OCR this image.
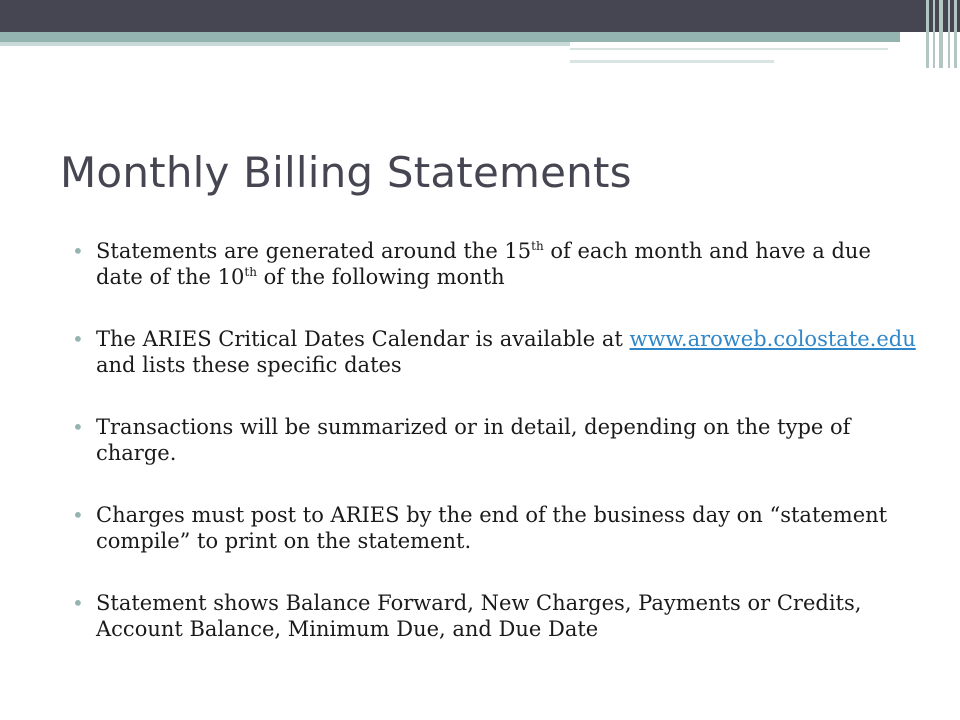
Monthly Billing Statements
• Statements are generated around the 15th of each month and have a due date of the 10th of the following month
• The ARIES Critical Dates Calendar is available at www.aroweb.colostate.edu and lists these specific dates
• Transactions will be summarized or in detail, depending on the type of charge.
• Charges must post to ARIES by the end of the business day on “statement compile” to print on the statement.
• Statement shows Balance Forward, New Charges, Payments or Credits, Account Balance, Minimum Due, and Due Date
